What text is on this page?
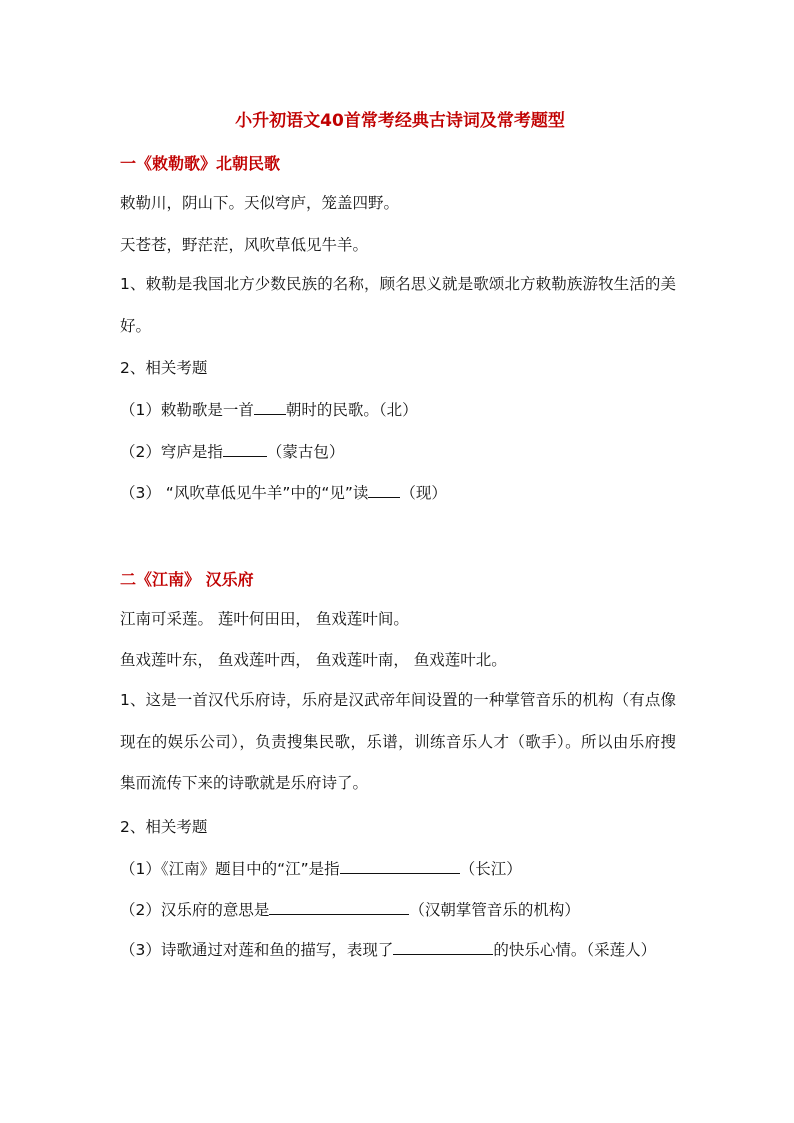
小升初语文40首常考经典古诗词及常考题型
一《敕勒歌》北朝民歌
敕勒川，阴山下。天似穹庐，笼盖四野。
天苍苍，野茫茫，风吹草低见牛羊。
1、敕勒是我国北方少数民族的名称，顾名思义就是歌颂北方敕勒族游牧生活的美好。
2、相关考题
（1）敕勒歌是一首 朝时的民歌。（北）
（2）穹庐是指	（蒙古包）
（3） “风吹草低见牛羊”中的“见”读 （现）
二《江南》 汉乐府
江南可采莲。 莲叶何田田， 鱼戏莲叶间。
鱼戏莲叶东， 鱼戏莲叶西， 鱼戏莲叶南， 鱼戏莲叶北。
1、这是一首汉代乐府诗，乐府是汉武帝年间设置的一种掌管音乐的机构（有点像现在的娱乐公司），负责搜集民歌，乐谱，训练音乐人才（歌手）。所以由乐府搜集而流传下来的诗歌就是乐府诗了。
2、相关考题
（1）《江南》题目中的“江”是指	（长江）
（2）汉乐府的意思是	（汉朝掌管音乐的机构）
（3）诗歌通过对莲和鱼的描写，表现了	的快乐心情。（采莲人）
